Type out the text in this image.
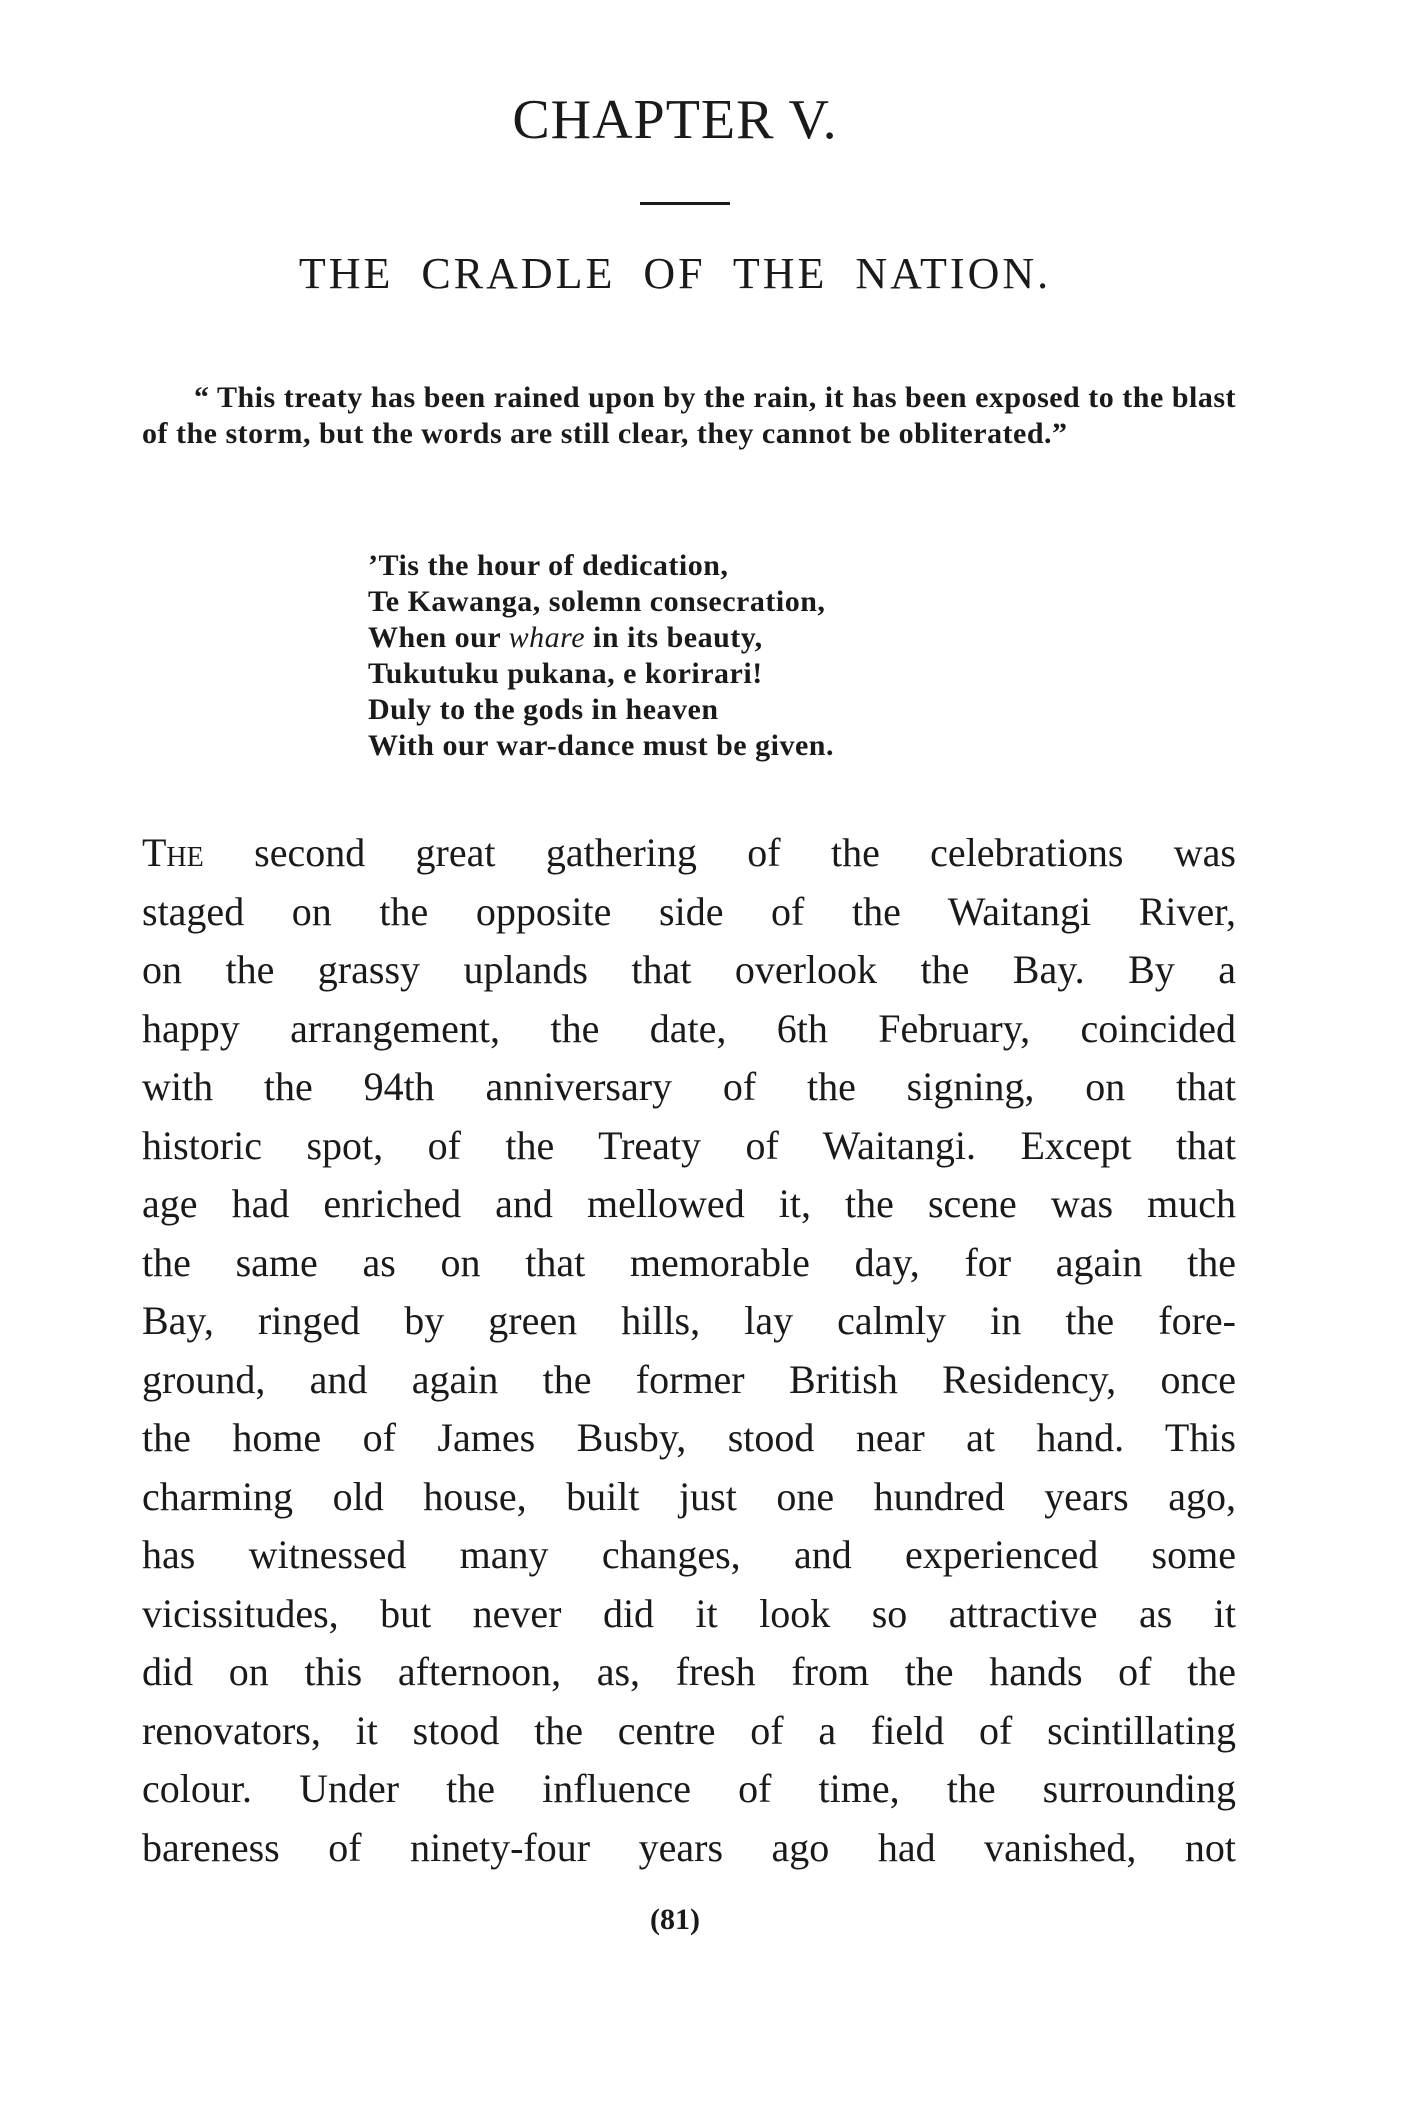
CHAPTER V.
THE CRADLE OF THE NATION.
“ This treaty has been rained upon by the rain, it has been exposed to the blast of the storm, but the words are still clear, they cannot be obliterated.”
’Tis the hour of dedication,
Te Kawanga, solemn consecration,
When our whare in its beauty,
Tukutuku pukana, e korirari!
Duly to the gods in heaven
With our war-dance must be given.
The second great gathering of the celebrations was
staged on the opposite side of the Waitangi River,
on the grassy uplands that overlook the Bay. By a
happy arrangement, the date, 6th February, coincided
with the 94th anniversary of the signing, on that
historic spot, of the Treaty of Waitangi. Except that
age had enriched and mellowed it, the scene was much
the same as on that memorable day, for again the
Bay, ringed by green hills, lay calmly in the fore-
ground, and again the former British Residency, once
the home of James Busby, stood near at hand. This
charming old house, built just one hundred years ago,
has witnessed many changes, and experienced some
vicissitudes, but never did it look so attractive as it
did on this afternoon, as, fresh from the hands of the
renovators, it stood the centre of a field of scintillating
colour. Under the influence of time, the surrounding
bareness of ninety-four years ago had vanished, not
(81)
